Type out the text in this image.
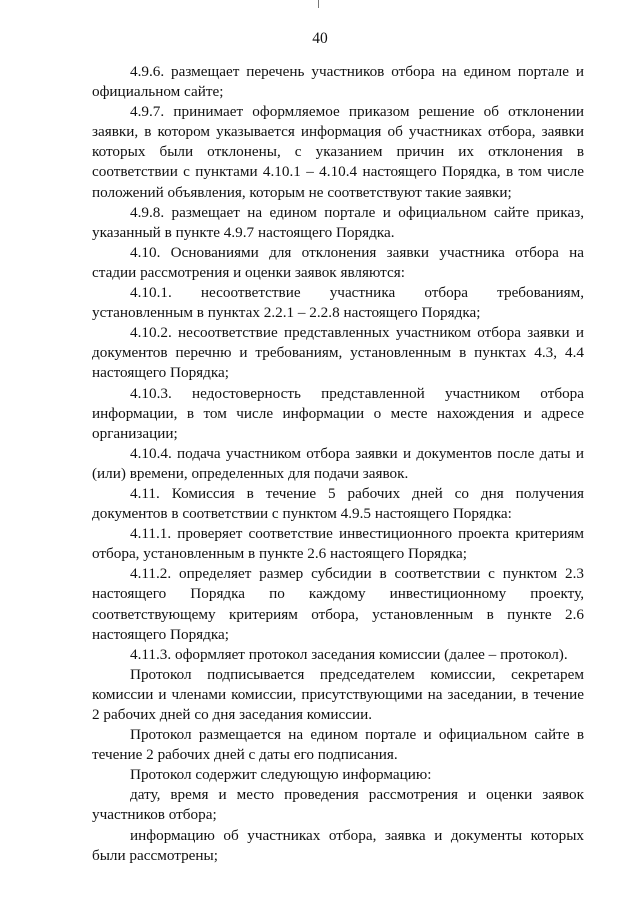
40

4.9.6. размещает перечень участников отбора на едином портале и официальном сайте;

4.9.7. принимает оформляемое приказом решение об отклонении заявки, в котором указывается информация об участниках отбора, заявки которых были отклонены, с указанием причин их отклонения в соответствии с пунктами 4.10.1 – 4.10.4 настоящего Порядка, в том числе положений объявления, которым не соответствуют такие заявки;

4.9.8. размещает на едином портале и официальном сайте приказ, указанный в пункте 4.9.7 настоящего Порядка.

4.10. Основаниями для отклонения заявки участника отбора на стадии рассмотрения и оценки заявок являются:

4.10.1. несоответствие участника отбора требованиям, установленным в пунктах 2.2.1 – 2.2.8 настоящего Порядка;

4.10.2. несоответствие представленных участником отбора заявки и документов перечню и требованиям, установленным в пунктах 4.3, 4.4 настоящего Порядка;

4.10.3. недостоверность представленной участником отбора информации, в том числе информации о месте нахождения и адресе организации;

4.10.4. подача участником отбора заявки и документов после даты и (или) времени, определенных для подачи заявок.

4.11. Комиссия в течение 5 рабочих дней со дня получения документов в соответствии с пунктом 4.9.5 настоящего Порядка:

4.11.1. проверяет соответствие инвестиционного проекта критериям отбора, установленным в пункте 2.6 настоящего Порядка;

4.11.2. определяет размер субсидии в соответствии с пунктом 2.3 настоящего Порядка по каждому инвестиционному проекту, соответствующему критериям отбора, установленным в пункте 2.6 настоящего Порядка;

4.11.3. оформляет протокол заседания комиссии (далее – протокол).

Протокол подписывается председателем комиссии, секретарем комиссии и членами комиссии, присутствующими на заседании, в течение 2 рабочих дней со дня заседания комиссии.

Протокол размещается на едином портале и официальном сайте в течение 2 рабочих дней с даты его подписания.

Протокол содержит следующую информацию:

дату, время и место проведения рассмотрения и оценки заявок участников отбора;

информацию об участниках отбора, заявка и документы которых были рассмотрены;
